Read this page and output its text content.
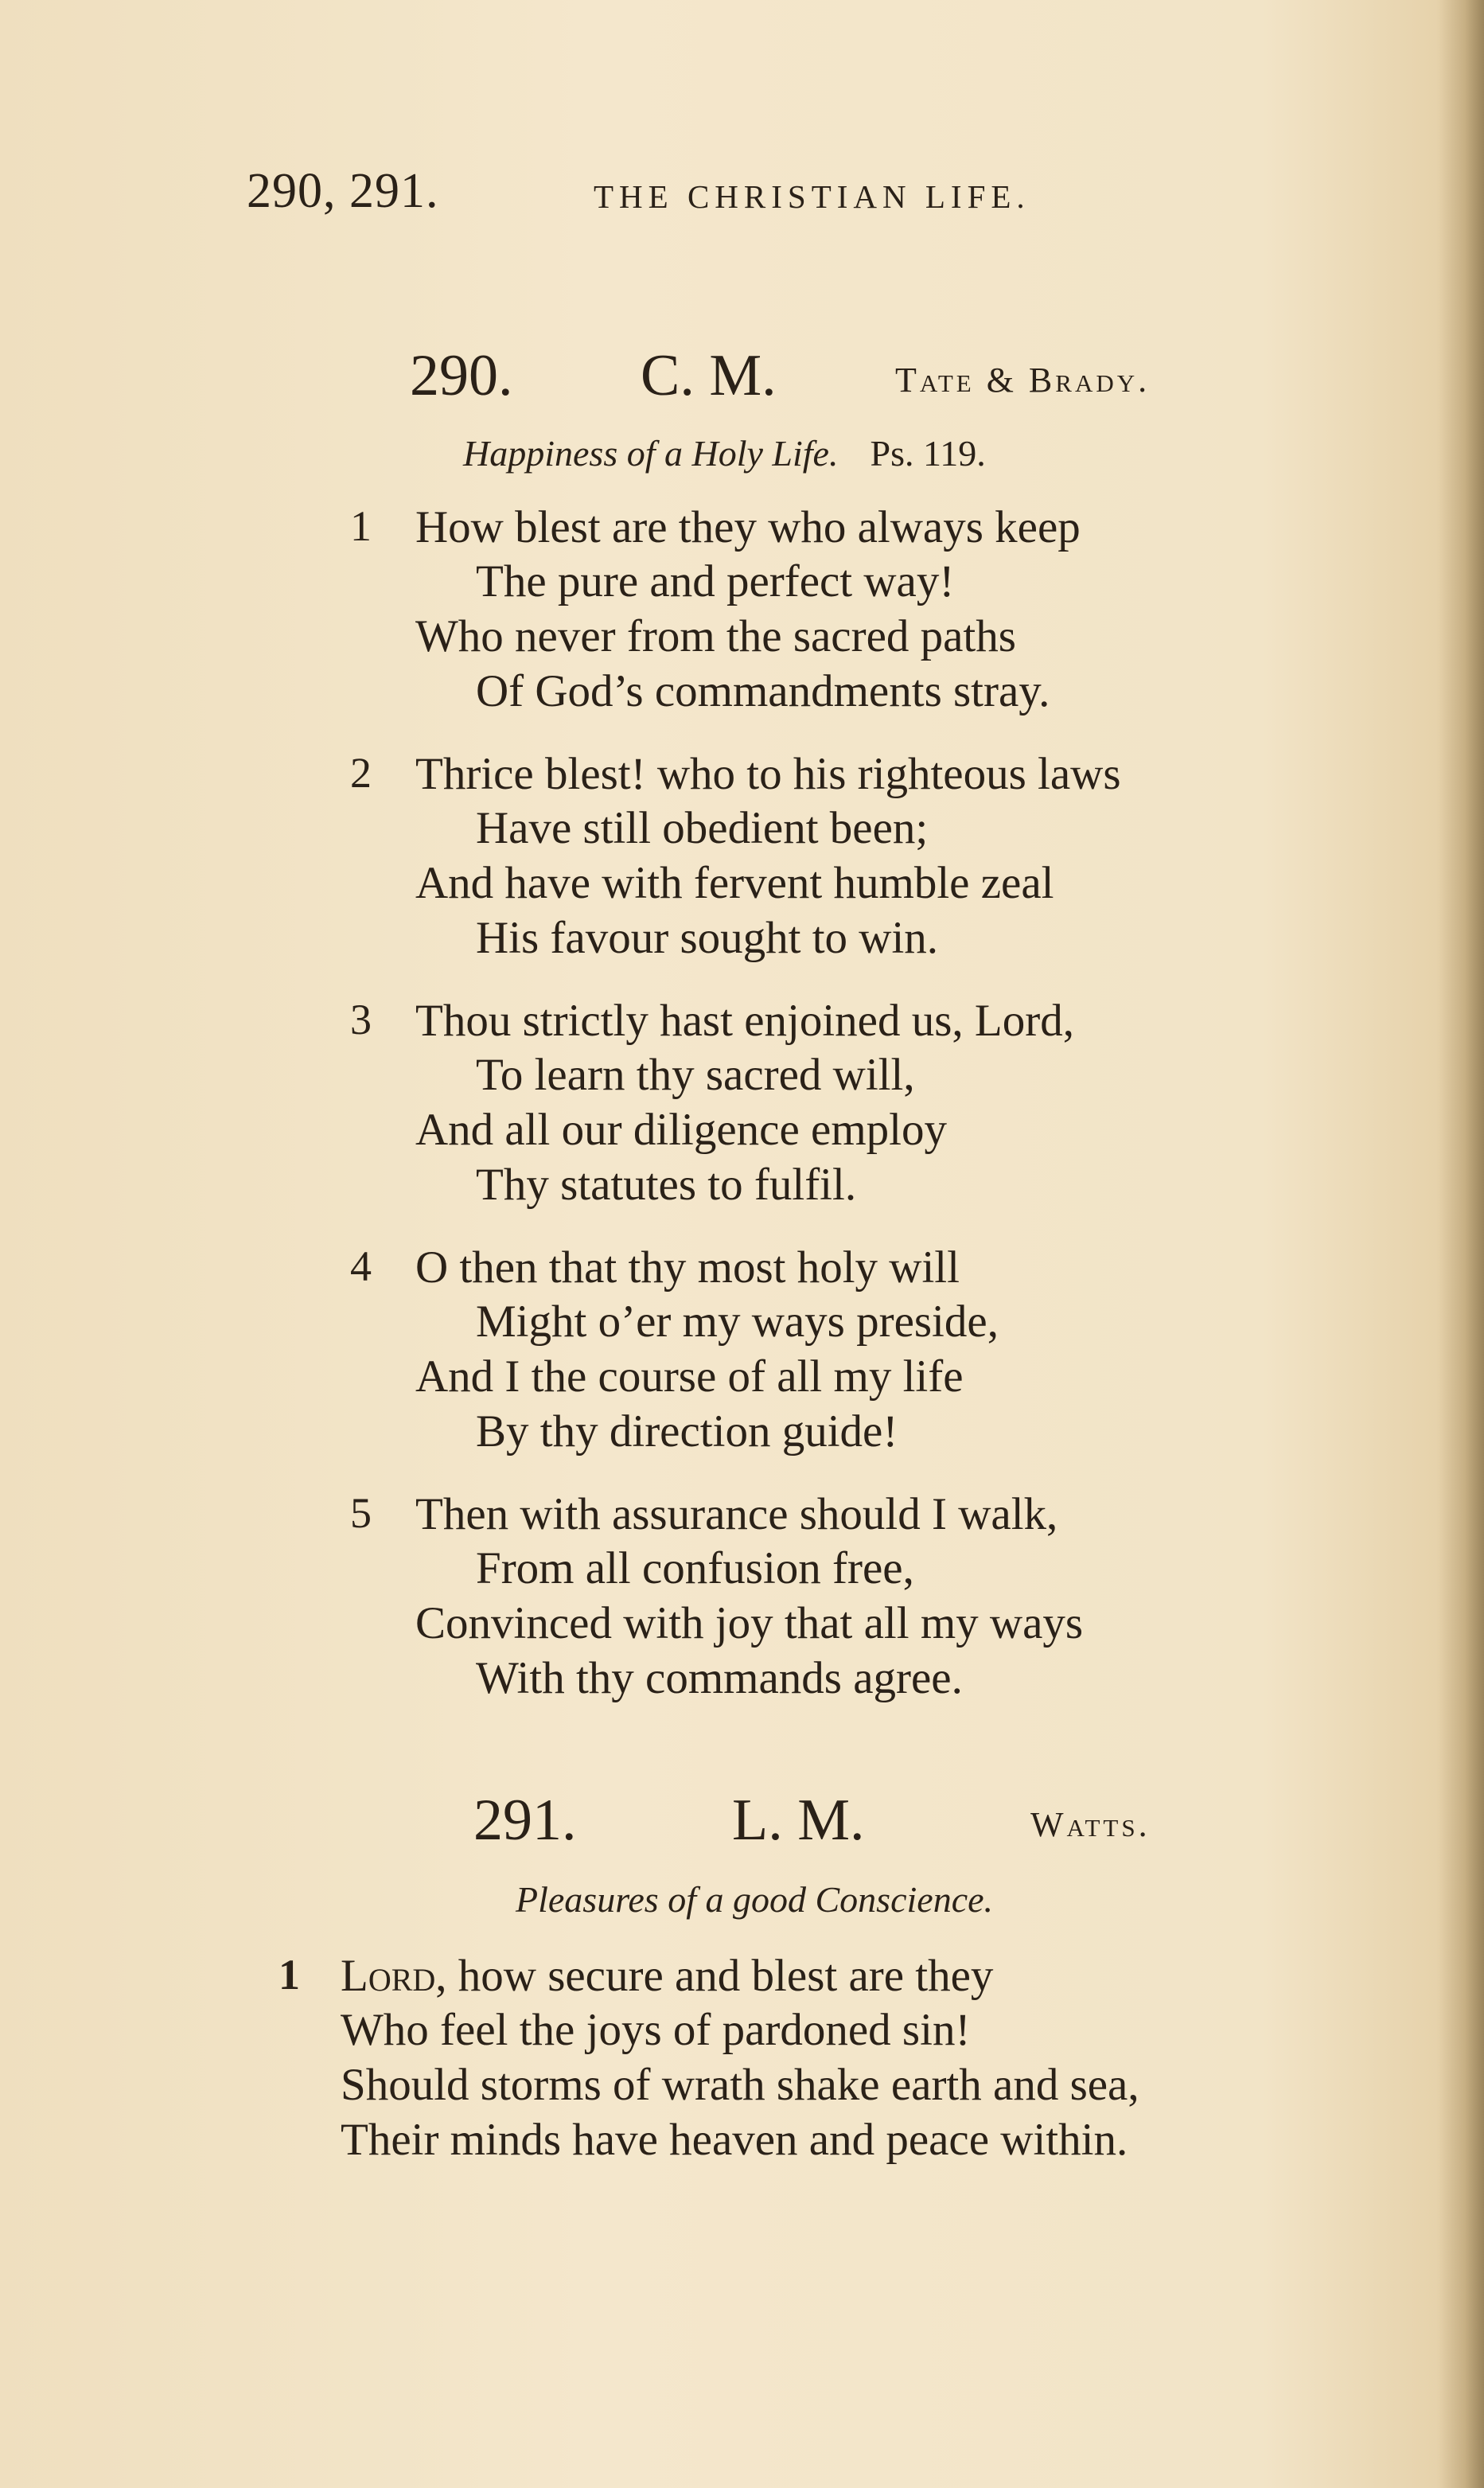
290, 291.	THE CHRISTIAN LIFE.
290. C. M.	Tate & Brady.
Happiness of a Holy Life. Ps. 119.
1 How blest are they who always keep
The pure and perfect way!
Who never from the sacred paths
Of God’s commandments stray.
2 Thrice blest! who to his righteous laws
Have still obedient been;
And have with fervent humble zeal
His favour sought to win.
3 Thou strictly hast enjoined us, Lord,
To learn thy sacred will,
And all our diligence employ
Thy statutes to fulfil.
4 O then that thy most holy will
Might o’er my ways preside,
And I the course of all my life
By thy direction guide!
5 Then with assurance should I walk,
From all confusion free,
Convinced with joy that all my ways
With thy commands agree.
291.	L. M.	Watts.
Pleasures of a good Conscience.
1 Lord, how secure and blest are they
Who feel the joys of pardoned sin!
Should storms of wrath shake earth and sea,
Their minds have heaven and peace within.
